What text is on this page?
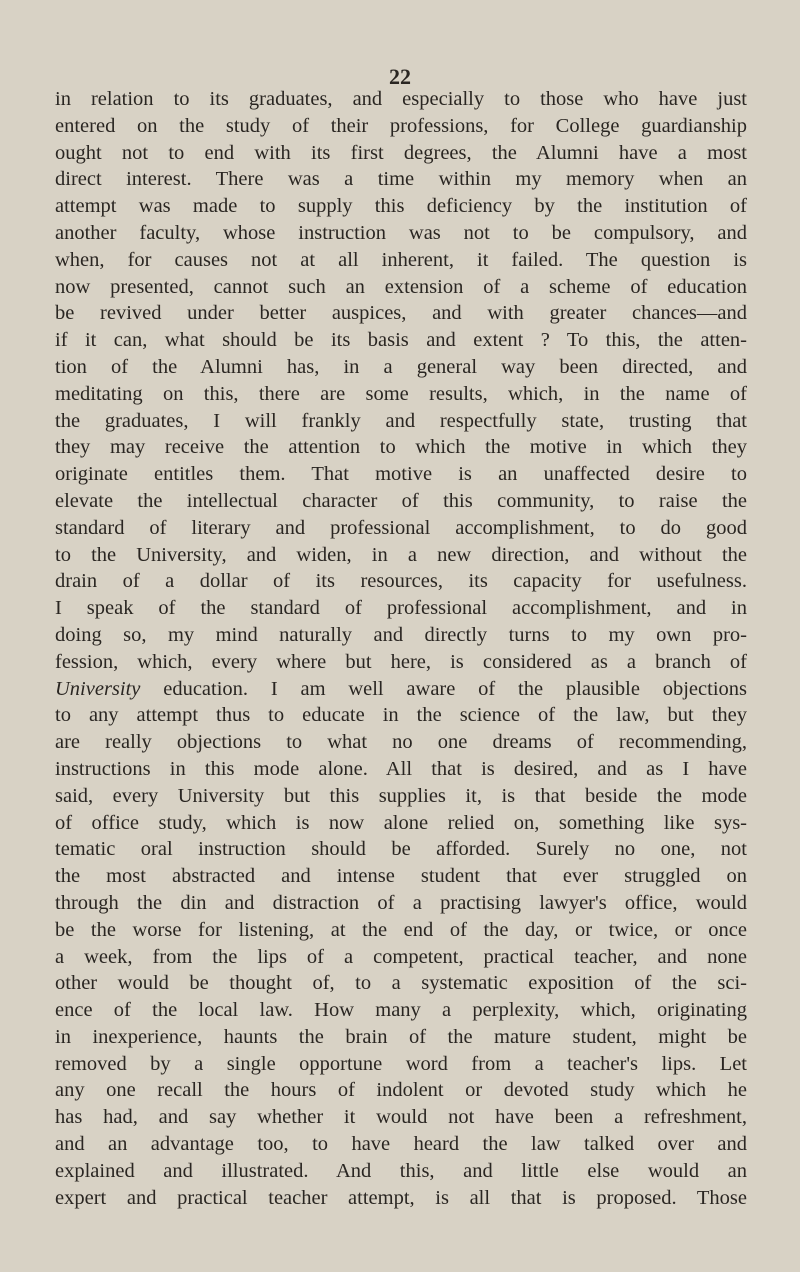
22
in relation to its graduates, and especially to those who have just
entered on the study of their professions, for College guardianship
ought not to end with its first degrees, the Alumni have a most
direct interest. There was a time within my memory when an
attempt was made to supply this deficiency by the institution of
another faculty, whose instruction was not to be compulsory, and
when, for causes not at all inherent, it failed. The question is
now presented, cannot such an extension of a scheme of education
be revived under better auspices, and with greater chances—and
if it can, what should be its basis and extent ? To this, the atten-
tion of the Alumni has, in a general way been directed, and
meditating on this, there are some results, which, in the name of
the graduates, I will frankly and respectfully state, trusting that
they may receive the attention to which the motive in which they
originate entitles them. That motive is an unaffected desire to
elevate the intellectual character of this community, to raise the
standard of literary and professional accomplishment, to do good
to the University, and widen, in a new direction, and without the
drain of a dollar of its resources, its capacity for usefulness.
I speak of the standard of professional accomplishment, and in
doing so, my mind naturally and directly turns to my own pro-
fession, which, every where but here, is considered as a branch of
University education. I am well aware of the plausible objections
to any attempt thus to educate in the science of the law, but they
are really objections to what no one dreams of recommending,
instructions in this mode alone. All that is desired, and as I have
said, every University but this supplies it, is that beside the mode
of office study, which is now alone relied on, something like sys-
tematic oral instruction should be afforded. Surely no one, not
the most abstracted and intense student that ever struggled on
through the din and distraction of a practising lawyer's office, would
be the worse for listening, at the end of the day, or twice, or once
a week, from the lips of a competent, practical teacher, and none
other would be thought of, to a systematic exposition of the sci-
ence of the local law. How many a perplexity, which, originating
in inexperience, haunts the brain of the mature student, might be
removed by a single opportune word from a teacher's lips. Let
any one recall the hours of indolent or devoted study which he
has had, and say whether it would not have been a refreshment,
and an advantage too, to have heard the law talked over and
explained and illustrated. And this, and little else would an
expert and practical teacher attempt, is all that is proposed. Those
